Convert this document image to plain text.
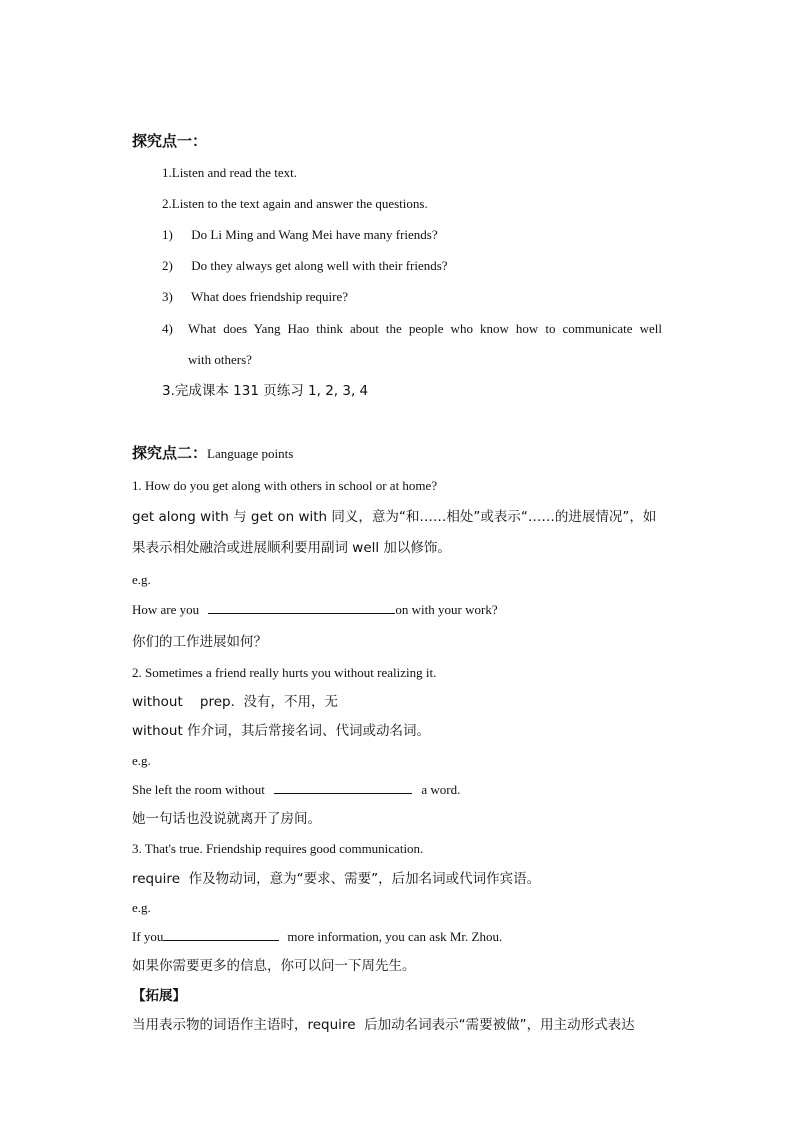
探究点一：
1.Listen and read the text.
2.Listen to the text again and answer the questions.
1) Do Li Ming and Wang Mei have many friends?
2) Do they always get along well with their friends?
3) What does friendship require?
4)	What does Yang Hao think about the people who know how to communicate well
with others?
3.完成课本 131 页练习 1, 2, 3, 4
探究点二：Language points
1. How do you get along with others in school or at home?
get along with 与 get on with 同义，意为“和……相处”或表示“……的进展情况”，如
果表示相处融洽或进展顺利要用副词 well 加以修饰。
e.g.
How are you	on with your work?
你们的工作进展如何？
2. Sometimes a friend really hurts you without realizing it.
without    prep.  没有，不用，无
without 作介词，其后常接名词、代词或动名词。
e.g.
She left the room without	a word.
她一句话也没说就离开了房间。
3. That's true. Friendship requires good communication.
require  作及物动词，意为“要求、需要”，后加名词或代词作宾语。
e.g.
If you	more information, you can ask Mr. Zhou.
如果你需要更多的信息，你可以问一下周先生。
【拓展】
当用表示物的词语作主语时，require  后加动名词表示“需要被做”，用主动形式表达
